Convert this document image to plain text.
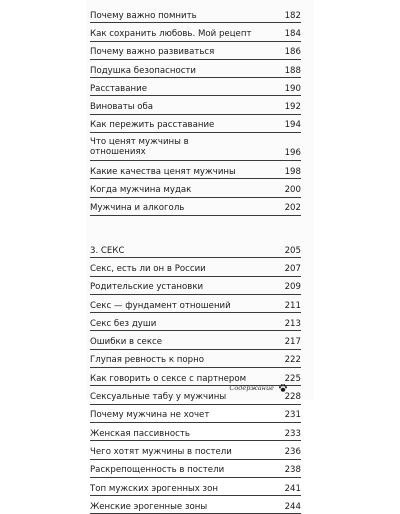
Почему важно помнить	182
Как сохранить любовь. Мой рецепт	184
Почему важно развиваться	186
Подушка безопасности	188
Расставание	190
Виноваты оба	192
Как пережить расставание	194
Что ценят мужчины в отношениях	196
Какие качества ценят мужчины	198
Когда мужчина мудак	200
Мужчина и алкоголь	202
3. СЕКС	205
Секс, есть ли он в России	207
Родительские установки	209
Секс — фундамент отношений	211
Секс без души	213
Ошибки в сексе	217
Глупая ревность к порно	222
Как говорить о сексе с партнером	225
Сексуальные табу у мужчины	228
Почему мужчина не хочет	231
Женская пассивность	233
Чего хотят мужчины в постели	236
Раскрепощенность в постели	238
Топ мужских эрогенных зон	241
Женские эрогенные зоны	244
Содержание
